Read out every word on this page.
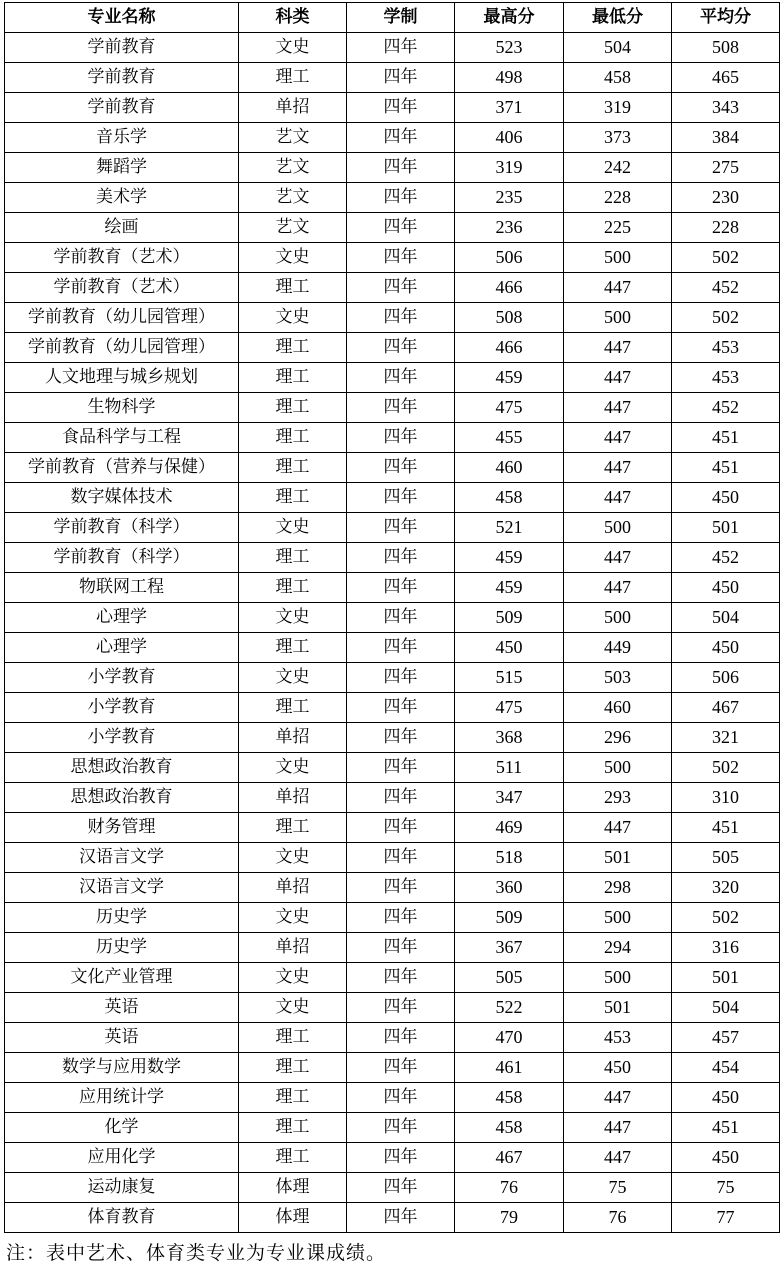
专业名称	科类	学制	最高分	最低分	平均分
学前教育	文史	四年	523	504	508
学前教育	理工	四年	498	458	465
学前教育	单招	四年	371	319	343
音乐学	艺文	四年	406	373	384
舞蹈学	艺文	四年	319	242	275
美术学	艺文	四年	235	228	230
绘画	艺文	四年	236	225	228
学前教育（艺术）	文史	四年	506	500	502
学前教育（艺术）	理工	四年	466	447	452
学前教育（幼儿园管理）	文史	四年	508	500	502
学前教育（幼儿园管理）	理工	四年	466	447	453
人文地理与城乡规划	理工	四年	459	447	453
生物科学	理工	四年	475	447	452
食品科学与工程	理工	四年	455	447	451
学前教育（营养与保健）	理工	四年	460	447	451
数字媒体技术	理工	四年	458	447	450
学前教育（科学）	文史	四年	521	500	501
学前教育（科学）	理工	四年	459	447	452
物联网工程	理工	四年	459	447	450
心理学	文史	四年	509	500	504
心理学	理工	四年	450	449	450
小学教育	文史	四年	515	503	506
小学教育	理工	四年	475	460	467
小学教育	单招	四年	368	296	321
思想政治教育	文史	四年	511	500	502
思想政治教育	单招	四年	347	293	310
财务管理	理工	四年	469	447	451
汉语言文学	文史	四年	518	501	505
汉语言文学	单招	四年	360	298	320
历史学	文史	四年	509	500	502
历史学	单招	四年	367	294	316
文化产业管理	文史	四年	505	500	501
英语	文史	四年	522	501	504
英语	理工	四年	470	453	457
数学与应用数学	理工	四年	461	450	454
应用统计学	理工	四年	458	447	450
化学	理工	四年	458	447	451
应用化学	理工	四年	467	447	450
运动康复	体理	四年	76	75	75
体育教育	体理	四年	79	76	77
注：表中艺术、体育类专业为专业课成绩。
